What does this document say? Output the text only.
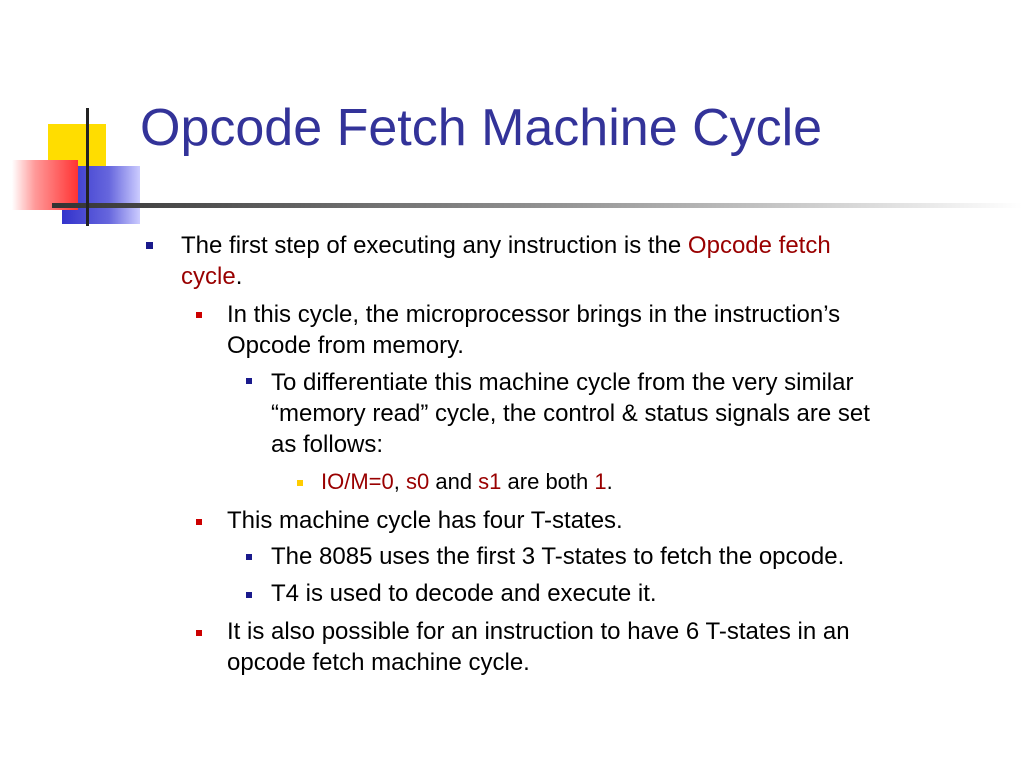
Opcode Fetch Machine Cycle
The first step of executing any instruction is the Opcode fetch
cycle.
In this cycle, the microprocessor brings in the instruction’s
Opcode from memory.
To differentiate this machine cycle from the very similar
“memory read” cycle, the control & status signals are set
as follows:
IO/M=0, s0 and s1 are both 1.
This machine cycle has four T-states.
The 8085 uses the first 3 T-states to fetch the opcode.
T4 is used to decode and execute it.
It is also possible for an instruction to have 6 T-states in an
opcode fetch machine cycle.
